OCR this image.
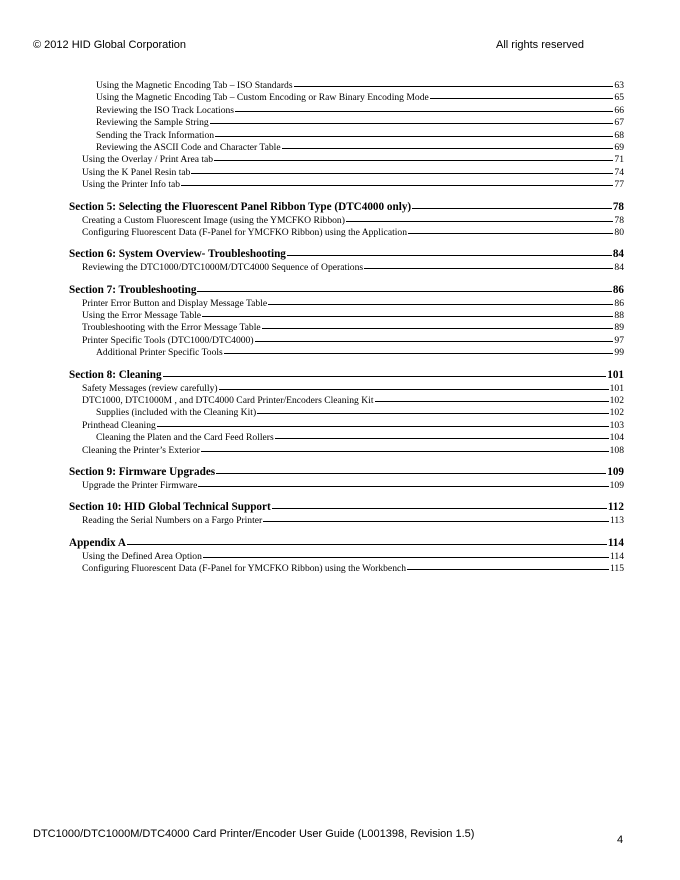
© 2012 HID Global Corporation	All rights reserved
Using the Magnetic Encoding Tab – ISO Standards	63
Using the Magnetic Encoding Tab – Custom Encoding or Raw Binary Encoding Mode	65
Reviewing the ISO Track Locations	66
Reviewing the Sample String	67
Sending the Track Information	68
Reviewing the ASCII Code and Character Table	69
Using the Overlay / Print Area tab	71
Using the K Panel Resin tab	74
Using the Printer Info tab	77
Section 5: Selecting the Fluorescent Panel Ribbon Type (DTC4000 only)	78
Creating a Custom Fluorescent Image (using the YMCFKO Ribbon)	78
Configuring Fluorescent Data (F-Panel for YMCFKO Ribbon) using the Application	80
Section 6: System Overview- Troubleshooting	84
Reviewing the DTC1000/DTC1000M/DTC4000 Sequence of Operations	84
Section 7: Troubleshooting	86
Printer Error Button and Display Message Table	86
Using the Error Message Table	88
Troubleshooting with the Error Message Table	89
Printer Specific Tools (DTC1000/DTC4000)	97
Additional Printer Specific Tools	99
Section 8: Cleaning	101
Safety Messages (review carefully)	101
DTC1000, DTC1000M , and DTC4000 Card Printer/Encoders Cleaning Kit	102
Supplies (included with the Cleaning Kit)	102
Printhead Cleaning	103
Cleaning the Platen and the Card Feed Rollers	104
Cleaning the Printer’s Exterior	108
Section 9: Firmware Upgrades	109
Upgrade the Printer Firmware	109
Section 10: HID Global Technical Support	112
Reading the Serial Numbers on a Fargo Printer	113
Appendix A	114
Using the Defined Area Option	114
Configuring Fluorescent Data (F-Panel for YMCFKO Ribbon) using the Workbench	115
DTC1000/DTC1000M/DTC4000 Card Printer/Encoder User Guide (L001398, Revision 1.5)	4
